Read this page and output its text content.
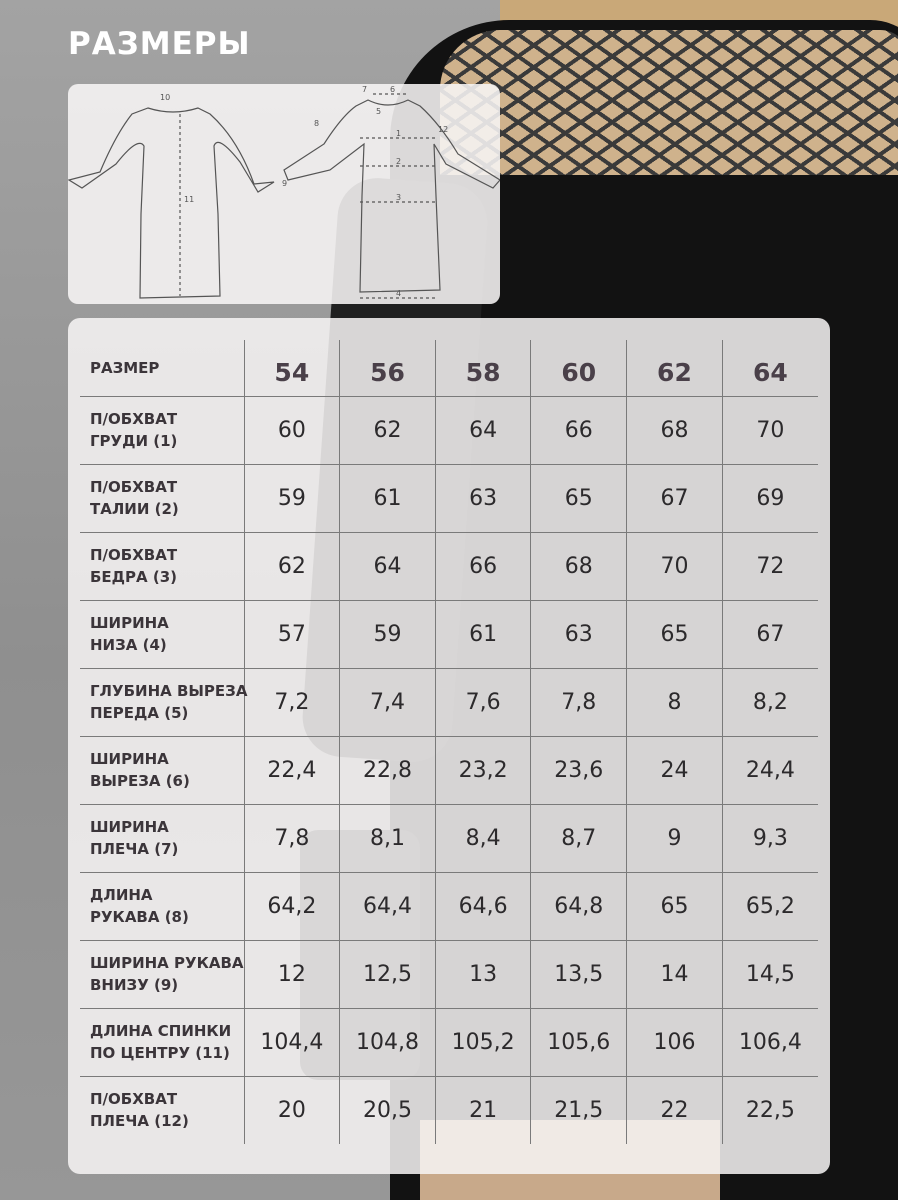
РАЗМЕРЫ
10
11
7	6
5
8
1	12
2
9
3
4
РАЗМЕР	54	56	58	60	62	64

П/ОБХВАТ
ГРУДИ (1)	60	62	64	66	68	70

П/ОБХВАТ
ТАЛИИ (2)	59	61	63	65	67	69

П/ОБХВАТ
БЕДРА (3)	62	64	66	68	70	72

ШИРИНА
НИЗА (4)	57	59	61	63	65	67

ГЛУБИНА ВЫРЕЗА
ПЕРЕДА (5)	7,2	7,4	7,6	7,8	8	8,2

ШИРИНА
ВЫРЕЗА (6)	22,4	22,8	23,2	23,6	24	24,4

ШИРИНА
ПЛЕЧА (7)	7,8	8,1	8,4	8,7	9	9,3

ДЛИНА
РУКАВА (8)	64,2	64,4	64,6	64,8	65	65,2

ШИРИНА РУКАВА
ВНИЗУ (9)	12	12,5	13	13,5	14	14,5

ДЛИНА СПИНКИ
ПО ЦЕНТРУ (11)	104,4	104,8	105,2	105,6	106	106,4

П/ОБХВАТ
ПЛЕЧА (12)	20	20,5	21	21,5	22	22,5
